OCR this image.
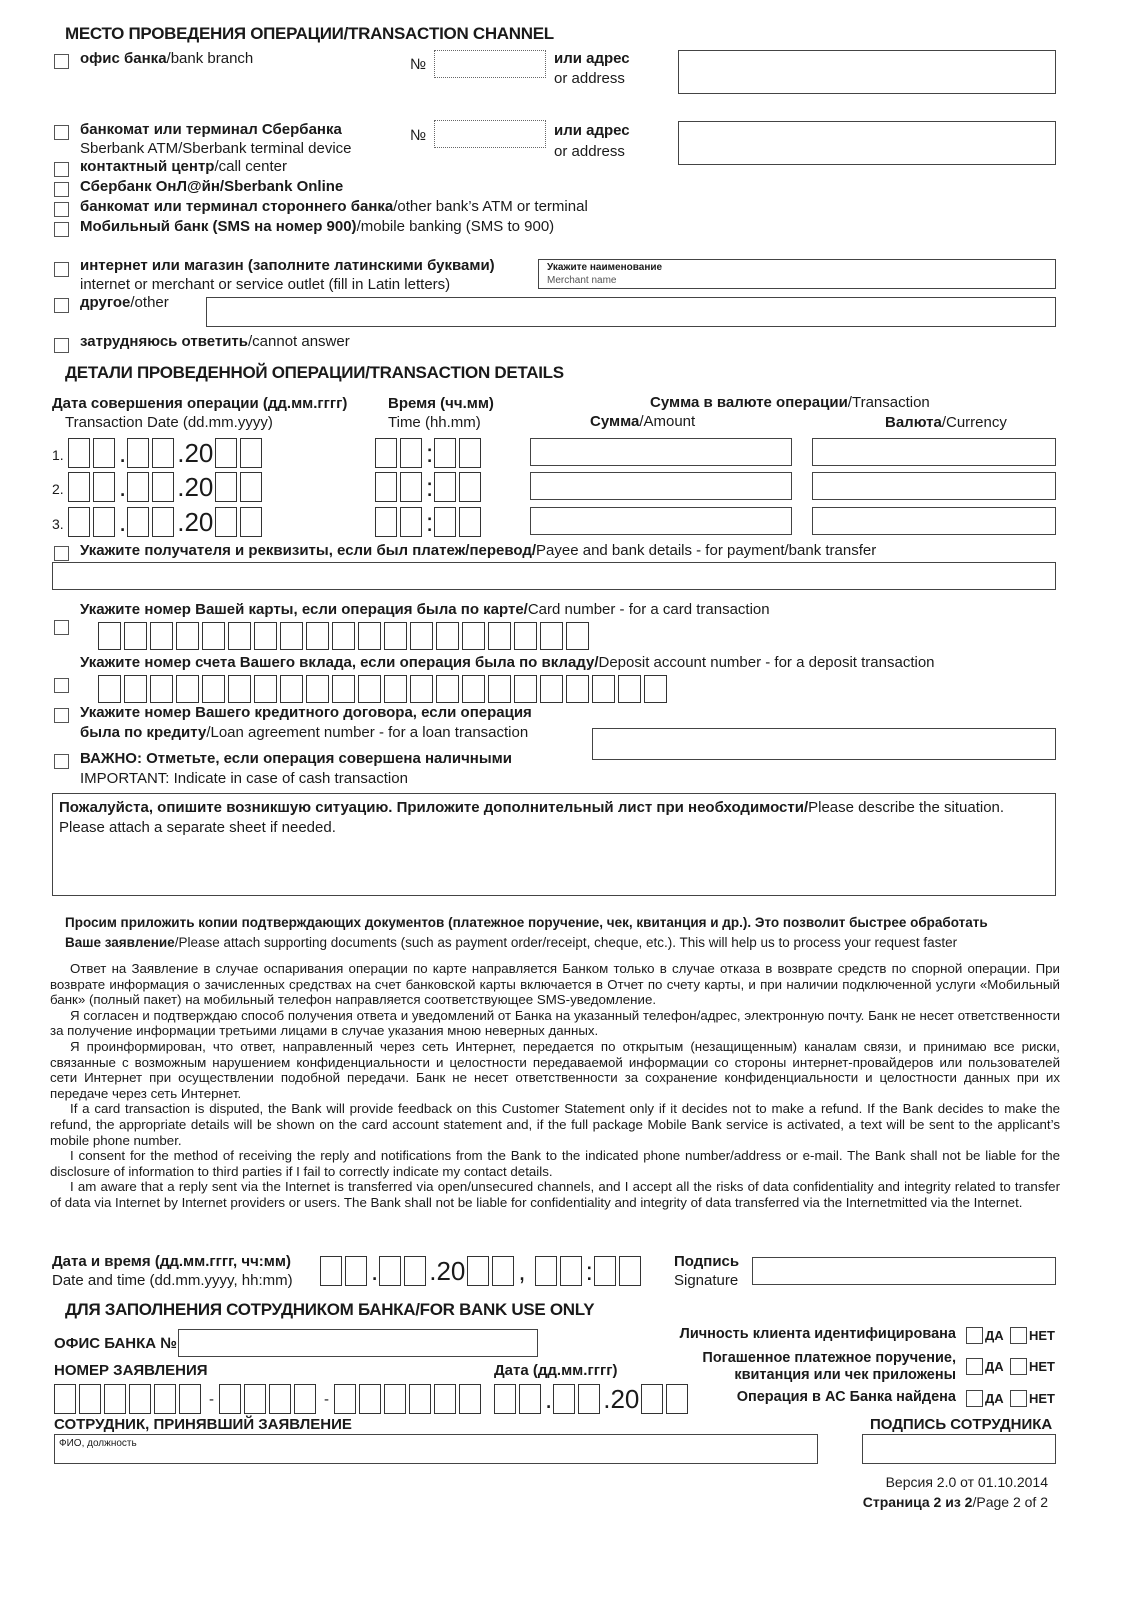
МЕСТО ПРОВЕДЕНИЯ ОПЕРАЦИИ/TRANSACTION CHANNEL
офис банка/bank branch	№	или адрес
or address
банкомат или терминал Сбербанка
Sberbank ATM/Sberbank terminal device
№	или адрес
or address
контактный центр/call center
Сбербанк ОнЛ@йн/Sberbank Online
банкомат или терминал стороннего банка/other bank’s ATM or terminal
Мобильный банк (SMS на номер 900)/mobile banking (SMS to 900)
интернет или магазин (заполните латинскими буквами)
internet or merchant or service outlet (fill in Latin letters)
Укажите наименование
Merchant name
другое/other
затрудняюсь ответить/cannot answer
ДЕТАЛИ ПРОВЕДЕННОЙ ОПЕРАЦИИ/TRANSACTION DETAILS
Дата совершения операции (дд.мм.гггг)
Transaction Date (dd.mm.yyyy)
Время (чч.мм)
Time (hh.mm)
Сумма в валюте операции/Transaction
Сумма/Amount	Валюта/Currency
1. . .20	:
2. . .20	:
3. . .20	:
Укажите получателя и реквизиты, если был платеж/перевод/Payee and bank details - for payment/bank transfer
Укажите номер Вашей карты, если операция была по карте/Card number - for a card transaction
Укажите номер счета Вашего вклада, если операция была по вкладу/Deposit account number - for a deposit transaction
Укажите номер Вашего кредитного договора, если операция
была по кредиту/Loan agreement number - for a loan transaction
ВАЖНО: Отметьте, если операция совершена наличными
IMPORTANT: Indicate in case of cash transaction
Пожалуйста, опишите возникшую ситуацию. Приложите дополнительный лист при необходимости/Please describe the situation.
Please attach a separate sheet if needed.
Просим приложить копии подтверждающих документов (платежное поручение, чек, квитанция и др.). Это позволит быстрее обработать
Ваше заявление/Please attach supporting documents (such as payment order/receipt, cheque, etc.). This will help us to process your request faster

Ответ на Заявление в случае оспаривания операции по карте направляется Банком только в случае отказа в возврате средств по спорной операции. При возврате информация о зачисленных средствах на счет банковской карты включается в Отчет по счету карты, и при наличии подключенной услуги «Мобильный банк» (полный пакет) на мобильный телефон направляется соответствующее SMS-уведомление.

Я согласен и подтверждаю способ получения ответа и уведомлений от Банка на указанный телефон/адрес, электронную почту. Банк не несет ответственности за получение информации третьими лицами в случае указания мною неверных данных.

Я проинформирован, что ответ, направленный через сеть Интернет, передается по открытым (незащищенным) каналам связи, и принимаю все риски, связанные с возможным нарушением конфиденциальности и целостности передаваемой информации со стороны интернет-провайдеров или пользователей сети Интернет при осуществлении подобной передачи. Банк не несет ответственности за сохранение конфиденциальности и целостности данных при их передаче через сеть Интернет.

If a card transaction is disputed, the Bank will provide feedback on this Customer Statement only if it decides not to make a refund. If the Bank decides to make the refund, the appropriate details will be shown on the card account statement and, if the full package Mobile Bank service is activated, a text will be sent to the applicant’s mobile phone number.

I consent for the method of receiving the reply and notifications from the Bank to the indicated phone number/address or e-mail. The Bank shall not be liable for the disclosure of information to third parties if I fail to correctly indicate my contact details.

I am aware that a reply sent via the Internet is transferred via open/unsecured channels, and I accept all the risks of data confidentiality and integrity related to transfer of data via Internet by Internet providers or users. The Bank shall not be liable for confidentiality and integrity of data transferred via the Internetmitted via the Internet.

Дата и время (дд.мм.гггг, чч:мм)
Date and time (dd.mm.yyyy, hh:mm)	. .20 , :	Подпись
Signature
ДЛЯ ЗАПОЛНЕНИЯ СОТРУДНИКОМ БАНКА/FOR BANK USE ONLY
ОФИС БАНКА №
НОМЕР ЗАЯВЛЕНИЯ
-	-
Дата (дд.мм.гггг)
. .20
Личность клиента идентифицирована ДА НЕТ
Погашенное платежное поручение,
квитанция или чек приложены
ДА НЕТ
Операция в АС Банка найдена ДА НЕТ
СОТРУДНИК, ПРИНЯВШИЙ ЗАЯВЛЕНИЕ
ФИО, должность
ПОДПИСЬ СОТРУДНИКА
Версия 2.0 от 01.10.2014
Страница 2 из 2/Page 2 of 2
